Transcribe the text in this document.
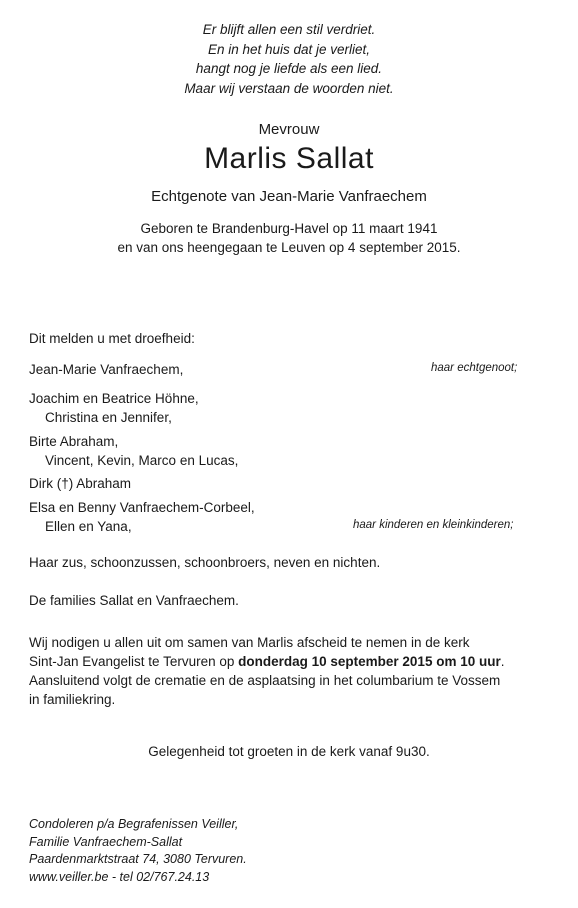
Er blijft allen een stil verdriet.
En in het huis dat je verliet,
hangt nog je liefde als een lied.
Maar wij verstaan de woorden niet.
Mevrouw
Marlis Sallat
Echtgenote van Jean-Marie Vanfraechem
Geboren te Brandenburg-Havel op 11 maart 1941
en van ons heengegaan te Leuven op 4 september 2015.
Dit melden u met droefheid:
Jean-Marie Vanfraechem,	haar echtgenoot;
Joachim en Beatrice Höhne,
Christina en Jennifer,
Birte Abraham,
Vincent, Kevin, Marco en Lucas,
Dirk (†) Abraham
Elsa en Benny Vanfraechem-Corbeel,
Ellen en Yana,	haar kinderen en kleinkinderen;
Haar zus, schoonzussen, schoonbroers, neven en nichten.
De families Sallat en Vanfraechem.
Wij nodigen u allen uit om samen van Marlis afscheid te nemen in de kerk
Sint-Jan Evangelist te Tervuren op donderdag 10 september 2015 om 10 uur.
Aansluitend volgt de crematie en de asplaatsing in het columbarium te Vossem
in familiekring.
Gelegenheid tot groeten in de kerk vanaf 9u30.
Condoleren p/a Begrafenissen Veiller,
Familie Vanfraechem-Sallat
Paardenmarktstraat 74, 3080 Tervuren.
www.veiller.be - tel 02/767.24.13
